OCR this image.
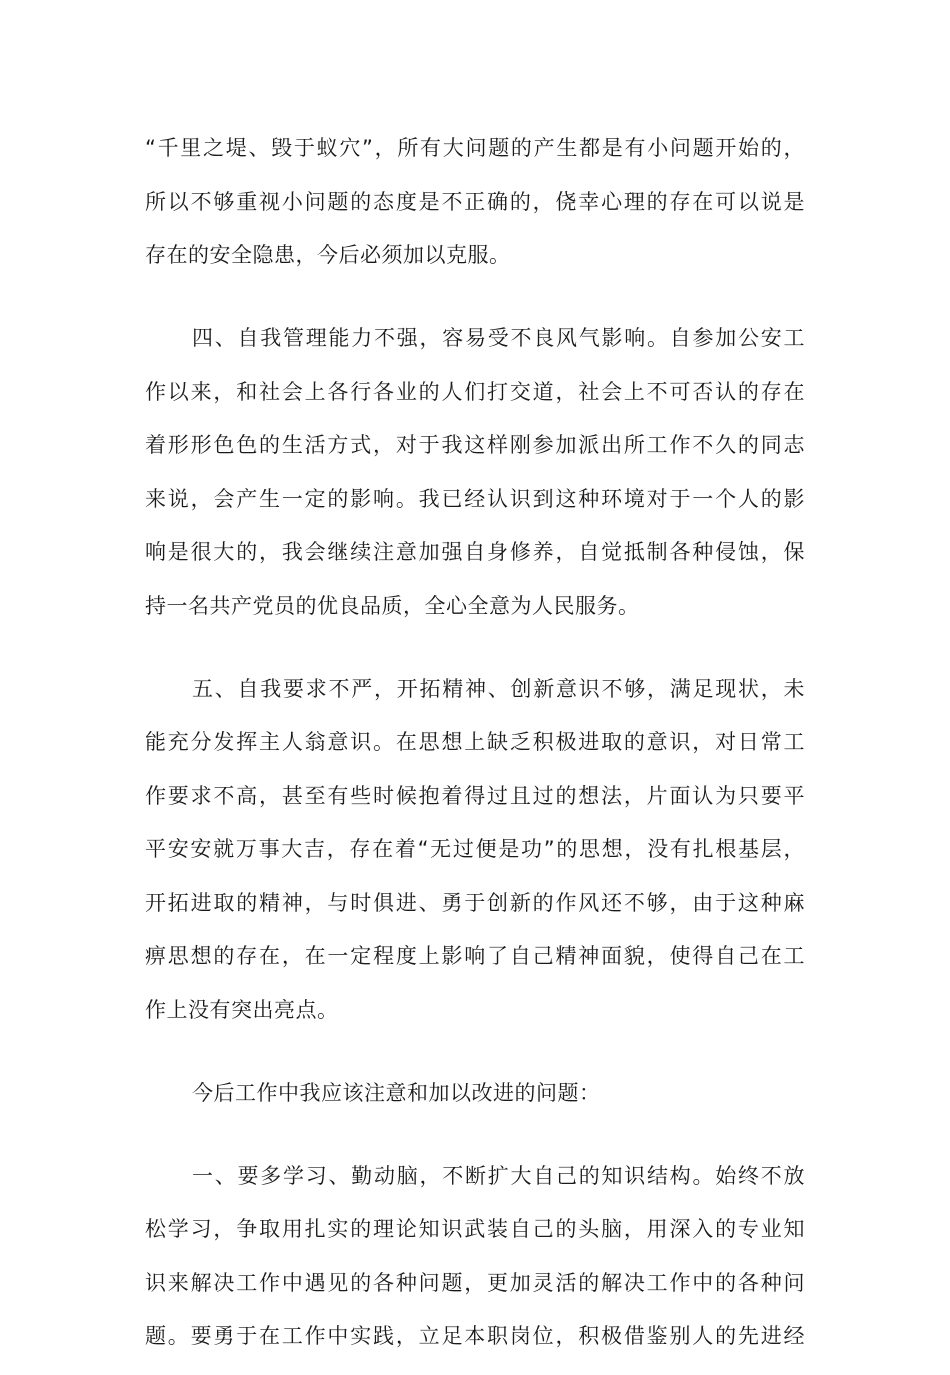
“千里之堤、毁于蚁穴”，所有大问题的产生都是有小问题开始的，
所以不够重视小问题的态度是不正确的，侥幸心理的存在可以说是
存在的安全隐患，今后必须加以克服。
四、自我管理能力不强，容易受不良风气影响。自参加公安工
作以来，和社会上各行各业的人们打交道，社会上不可否认的存在
着形形色色的生活方式，对于我这样刚参加派出所工作不久的同志
来说，会产生一定的影响。我已经认识到这种环境对于一个人的影
响是很大的，我会继续注意加强自身修养，自觉抵制各种侵蚀，保
持一名共产党员的优良品质，全心全意为人民服务。
五、自我要求不严，开拓精神、创新意识不够，满足现状，未
能充分发挥主人翁意识。在思想上缺乏积极进取的意识，对日常工
作要求不高，甚至有些时候抱着得过且过的想法，片面认为只要平
平安安就万事大吉，存在着“无过便是功”的思想，没有扎根基层，
开拓进取的精神，与时俱进、勇于创新的作风还不够，由于这种麻
痹思想的存在，在一定程度上影响了自己精神面貌，使得自己在工
作上没有突出亮点。
今后工作中我应该注意和加以改进的问题：
一、要多学习、勤动脑，不断扩大自己的知识结构。始终不放
松学习，争取用扎实的理论知识武装自己的头脑，用深入的专业知
识来解决工作中遇见的各种问题，更加灵活的解决工作中的各种问
题。要勇于在工作中实践，立足本职岗位，积极借鉴别人的先进经
